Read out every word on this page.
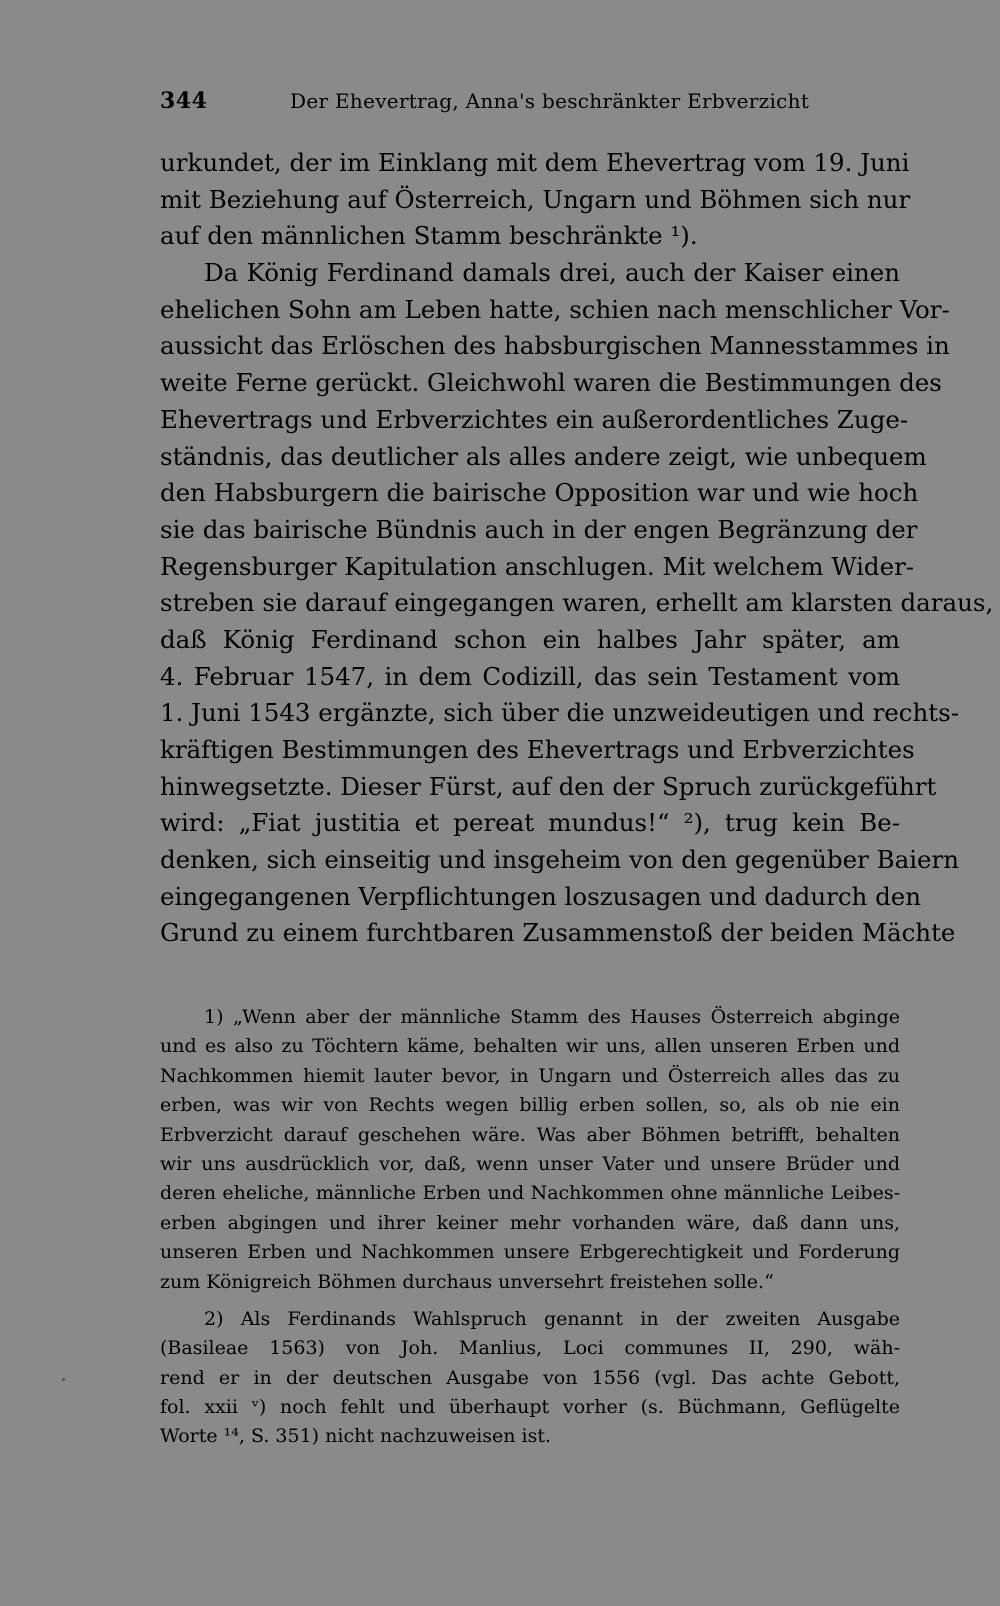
344	Der Ehevertrag, Anna's beschränkter Erbverzicht
urkundet, der im Einklang mit dem Ehevertrag vom 19. Juni
mit Beziehung auf Österreich, Ungarn und Böhmen sich nur
auf den männlichen Stamm beschränkte ¹).
Da König Ferdinand damals drei, auch der Kaiser einen
ehelichen Sohn am Leben hatte, schien nach menschlicher Vor-
aussicht das Erlöschen des habsburgischen Mannesstammes in
weite Ferne gerückt. Gleichwohl waren die Bestimmungen des
Ehevertrags und Erbverzichtes ein außerordentliches Zuge-
ständnis, das deutlicher als alles andere zeigt, wie unbequem
den Habsburgern die bairische Opposition war und wie hoch
sie das bairische Bündnis auch in der engen Begränzung der
Regensburger Kapitulation anschlugen. Mit welchem Wider-
streben sie darauf eingegangen waren, erhellt am klarsten daraus,
daß König Ferdinand schon ein halbes Jahr später, am
4. Februar 1547, in dem Codizill, das sein Testament vom
1. Juni 1543 ergänzte, sich über die unzweideutigen und rechts-
kräftigen Bestimmungen des Ehevertrags und Erbverzichtes
hinwegsetzte. Dieser Fürst, auf den der Spruch zurückgeführt
wird: „Fiat justitia et pereat mundus!“ ²), trug kein Be-
denken, sich einseitig und insgeheim von den gegenüber Baiern
eingegangenen Verpflichtungen loszusagen und dadurch den
Grund zu einem furchtbaren Zusammenstoß der beiden Mächte
1) „Wenn aber der männliche Stamm des Hauses Österreich abginge
und es also zu Töchtern käme, behalten wir uns, allen unseren Erben und
Nachkommen hiemit lauter bevor, in Ungarn und Österreich alles das zu
erben, was wir von Rechts wegen billig erben sollen, so, als ob nie ein
Erbverzicht darauf geschehen wäre. Was aber Böhmen betrifft, behalten
wir uns ausdrücklich vor, daß, wenn unser Vater und unsere Brüder und
deren eheliche, männliche Erben und Nachkommen ohne männliche Leibes-
erben abgingen und ihrer keiner mehr vorhanden wäre, daß dann uns,
unseren Erben und Nachkommen unsere Erbgerechtigkeit und Forderung
zum Königreich Böhmen durchaus unversehrt freistehen solle.“
2) Als Ferdinands Wahlspruch genannt in der zweiten Ausgabe
(Basileae 1563) von Joh. Manlius, Loci communes II, 290, wäh-
rend er in der deutschen Ausgabe von 1556 (vgl. Das achte Gebott,
fol. xxii ᵛ) noch fehlt und überhaupt vorher (s. Büchmann, Geflügelte
Worte ¹⁴, S. 351) nicht nachzuweisen ist.
